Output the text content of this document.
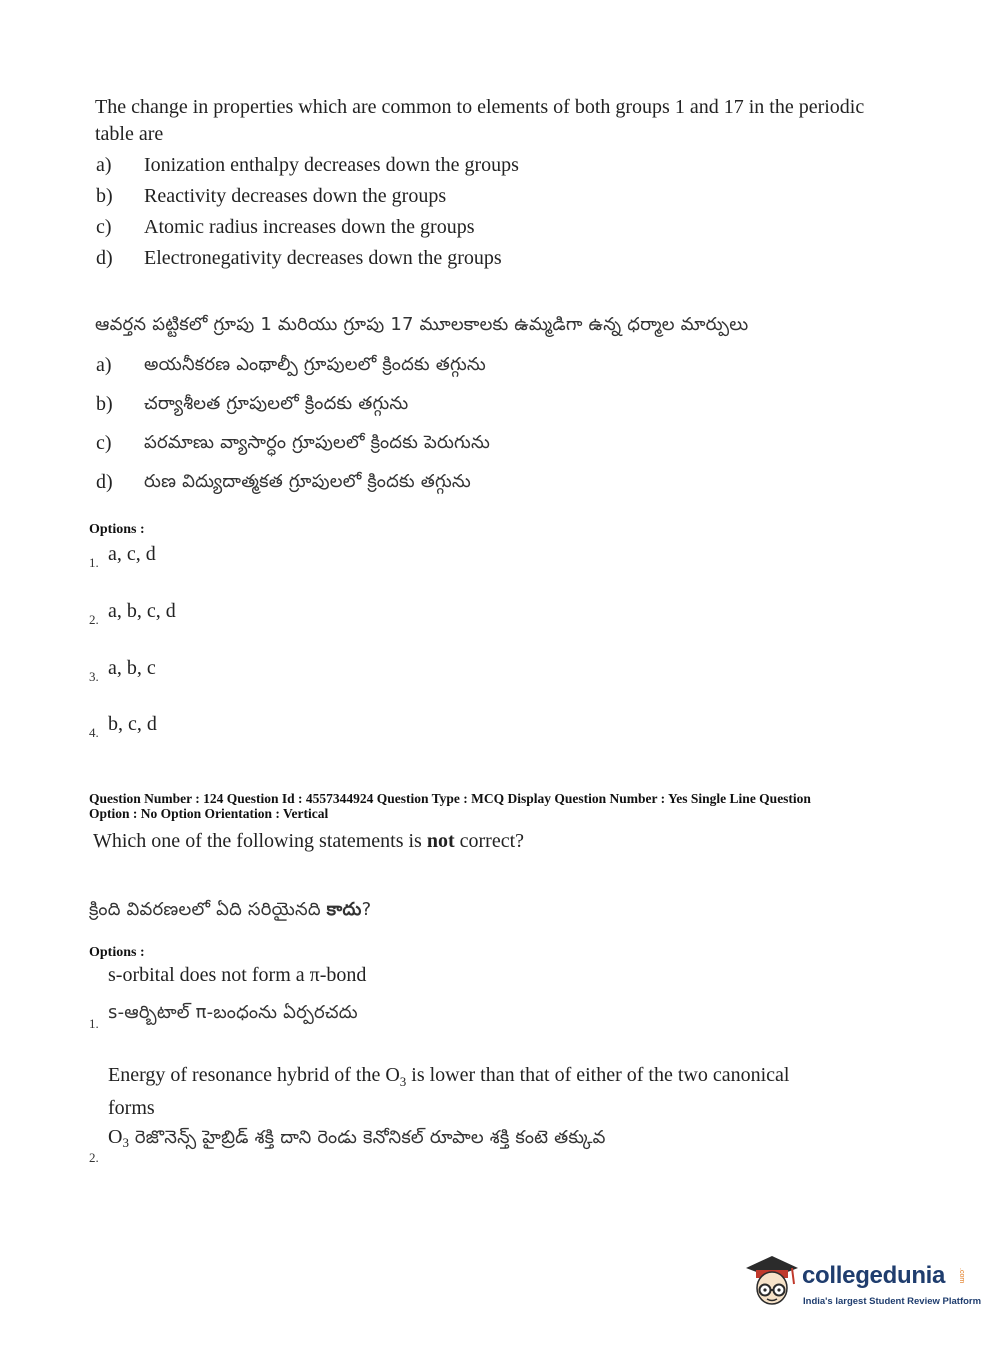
The change in properties which are common to elements of both groups 1 and 17 in the periodic table are
a) Ionization enthalpy decreases down the groups
b) Reactivity decreases down the groups
c) Atomic radius increases down the groups
d) Electronegativity decreases down the groups
ఆవర్తన పట్టికలో గ్రూపు 1 మరియు గ్రూపు 17 మూలకాలకు ఉమ్మడిగా ఉన్న ధర్మాల మార్పులు
a) అయనీకరణ ఎంథాల్పీ గ్రూపులలో క్రిందకు తగ్గును
b) చర్యాశీలత గ్రూపులలో క్రిందకు తగ్గును
c) పరమాణు వ్యాసార్ధం గ్రూపులలో క్రిందకు పెరుగును
d) రుణ విద్యుదాత్మకత గ్రూపులలో క్రిందకు తగ్గును
Options :
1. a, c, d
2. a, b, c, d
3. a, b, c
4. b, c, d
Question Number : 124 Question Id : 4557344924 Question Type : MCQ Display Question Number : Yes Single Line Question
Option : No Option Orientation : Vertical
Which one of the following statements is not correct?
క్రింది వివరణలలో ఏది సరియైనది కాదు?
Options :
s-orbital does not form a π-bond
s-ఆర్బిటాల్ π-బంధంను ఏర్పరచదు
1.
Energy of resonance hybrid of the $O_3$ is lower than that of either of the two canonical forms
$O_3$ రెజొనెన్స్ హైబ్రిడ్ శక్తి దాని రెండు కెనోనికల్ రూపాల శక్తి కంటె తక్కువ
2.
collegedunia .com
India's largest Student Review Platform
